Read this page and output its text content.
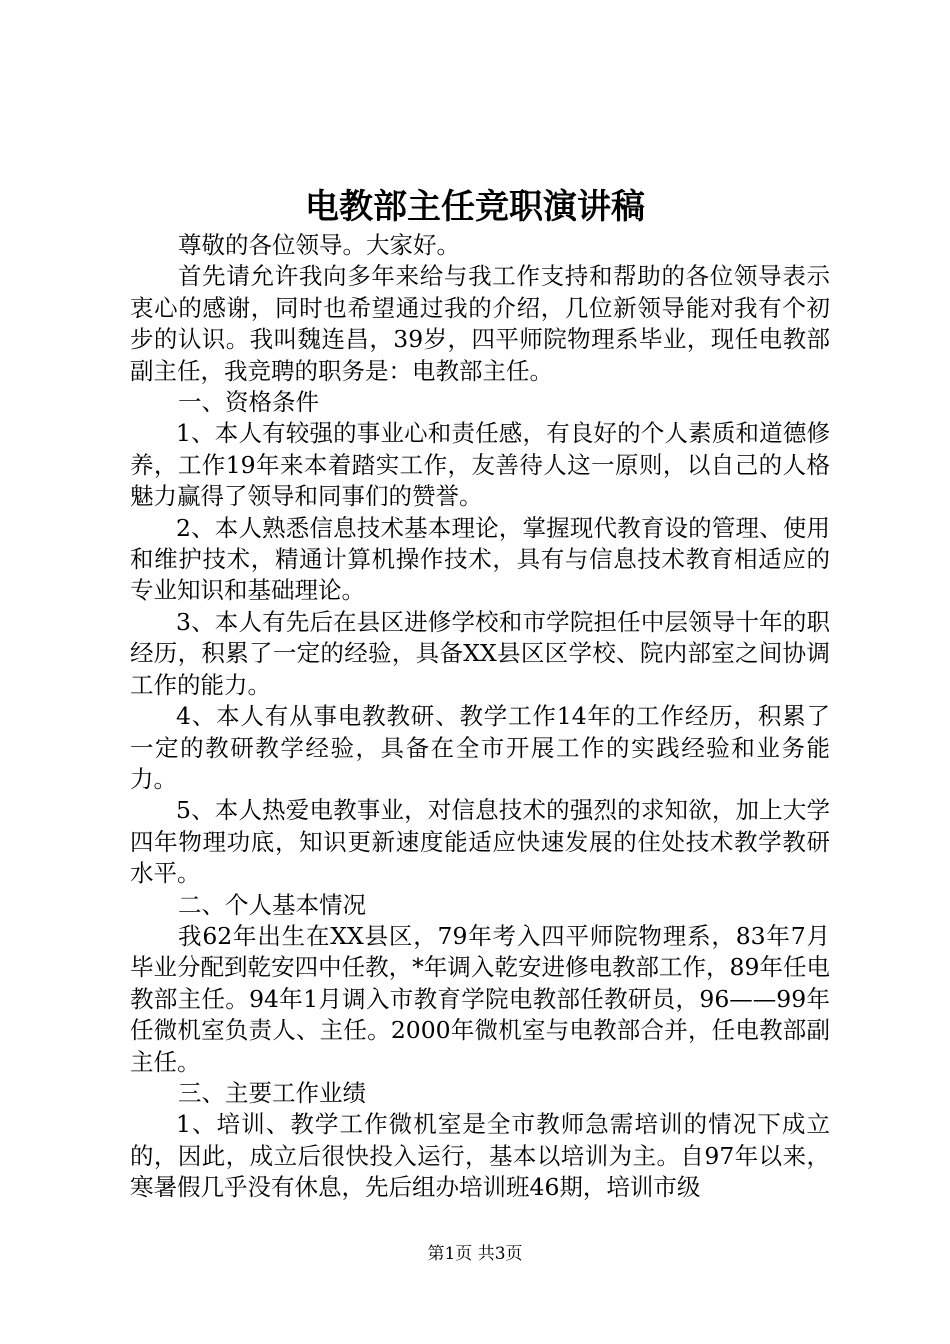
电教部主任竞职演讲稿

尊敬的各位领导。大家好。

首先请允许我向多年来给与我工作支持和帮助的各位领导表示衷心的感谢，同时也希望通过我的介绍，几位新领导能对我有个初步的认识。我叫魏连昌，39岁，四平师院物理系毕业，现任电教部副主任，我竞聘的职务是：电教部主任。

一、资格条件

1、本人有较强的事业心和责任感，有良好的个人素质和道德修养，工作19年来本着踏实工作，友善待人这一原则，以自己的人格魅力赢得了领导和同事们的赞誉。

2、本人熟悉信息技术基本理论，掌握现代教育设的管理、使用和维护技术，精通计算机操作技术，具有与信息技术教育相适应的专业知识和基础理论。

3、本人有先后在县区进修学校和市学院担任中层领导十年的职经历，积累了一定的经验，具备XX县区区学校、院内部室之间协调工作的能力。

4、本人有从事电教教研、教学工作14年的工作经历，积累了一定的教研教学经验，具备在全市开展工作的实践经验和业务能力。

5、本人热爱电教事业，对信息技术的强烈的求知欲，加上大学四年物理功底，知识更新速度能适应快速发展的住处技术教学教研水平。

二、个人基本情况

我62年出生在XX县区，79年考入四平师院物理系，83年7月毕业分配到乾安四中任教，*年调入乾安进修电教部工作，89年任电教部主任。94年1月调入市教育学院电教部任教研员，96——99年任微机室负责人、主任。2000年微机室与电教部合并，任电教部副主任。

三、主要工作业绩

1、培训、教学工作微机室是全市教师急需培训的情况下成立的，因此，成立后很快投入运行，基本以培训为主。自97年以来，寒暑假几乎没有休息，先后组办培训班46期，培训市级

第1页 共3页
